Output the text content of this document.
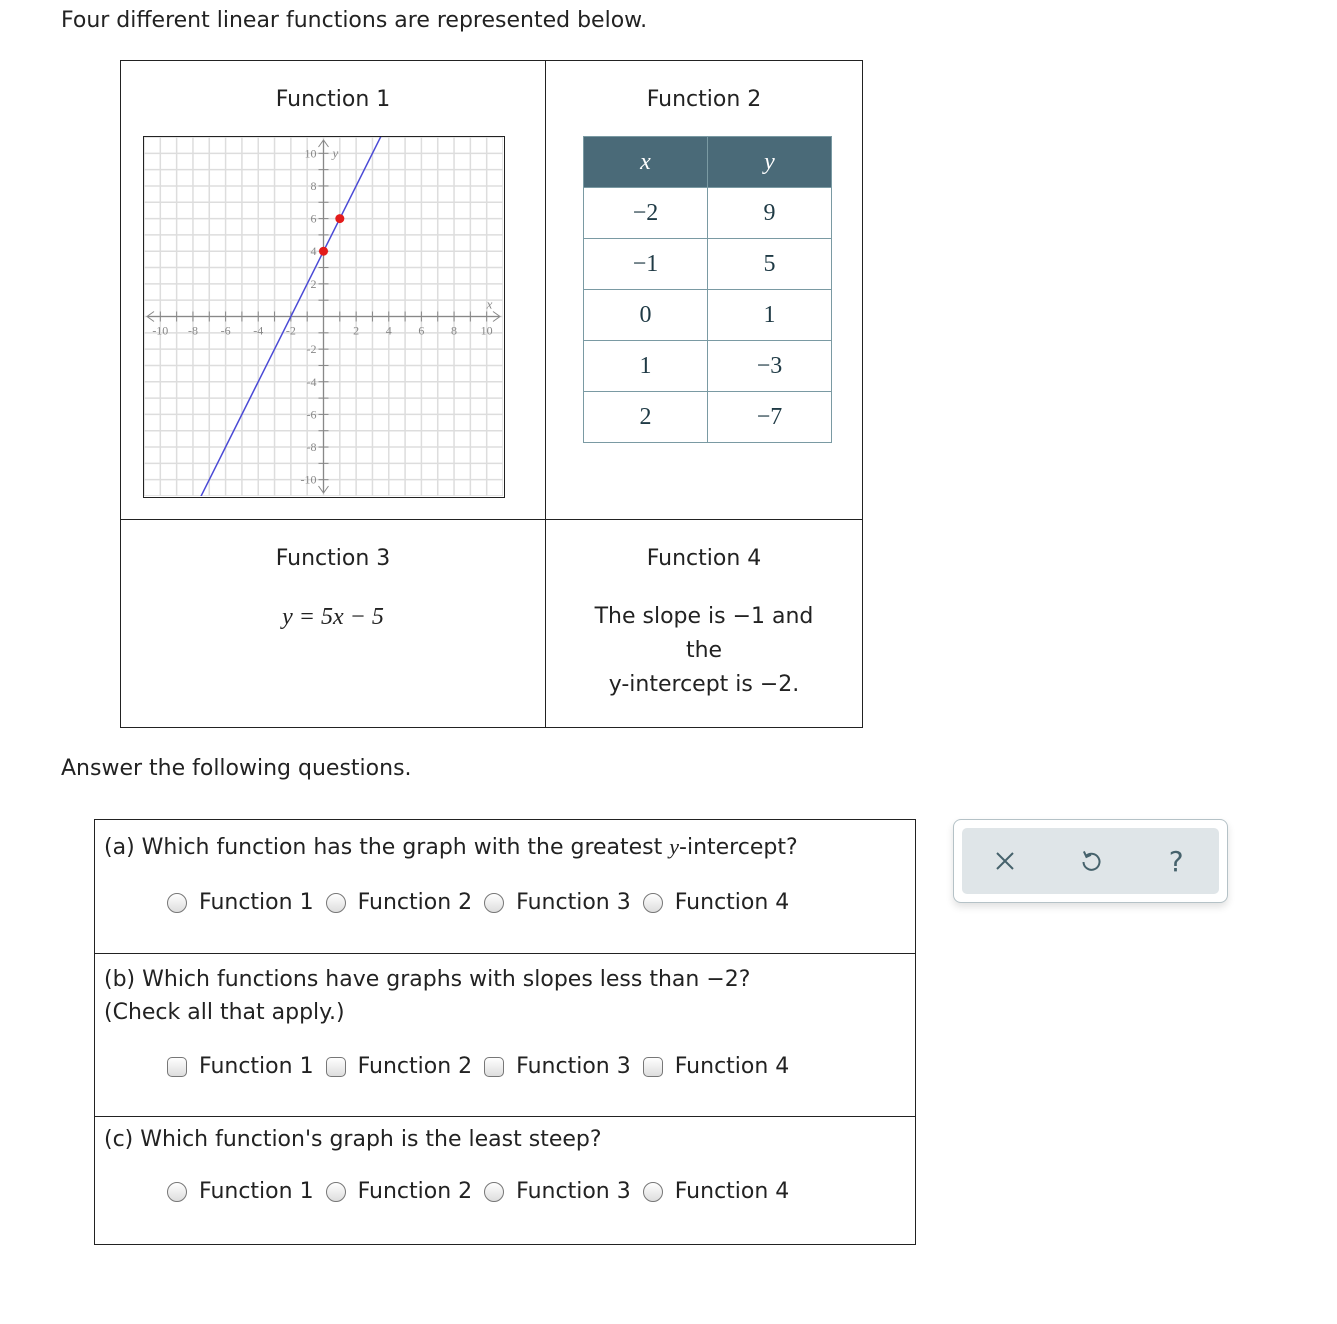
Four different linear functions are represented below.
Function 1
-10 -8 -6 -4 -2	2 4 6 8 10
-10
-8
-6
-4
-2
2
4
6
8
10 y
x
Function 2
x	y
−2	9
−1	5
0	1
1	−3
2	−7
Function 3
y = 5x − 5
Function 4
The slope is −1 and
the
y-intercept is −2.
Answer the following questions.
(a) Which function has the graph with the greatest y-intercept?
Function 1 Function 2 Function 3 Function 4
(b) Which functions have graphs with slopes less than −2?
(Check all that apply.)
Function 1 Function 2 Function 3 Function 4
(c) Which function's graph is the least steep?
Function 1 Function 2 Function 3 Function 4
?
